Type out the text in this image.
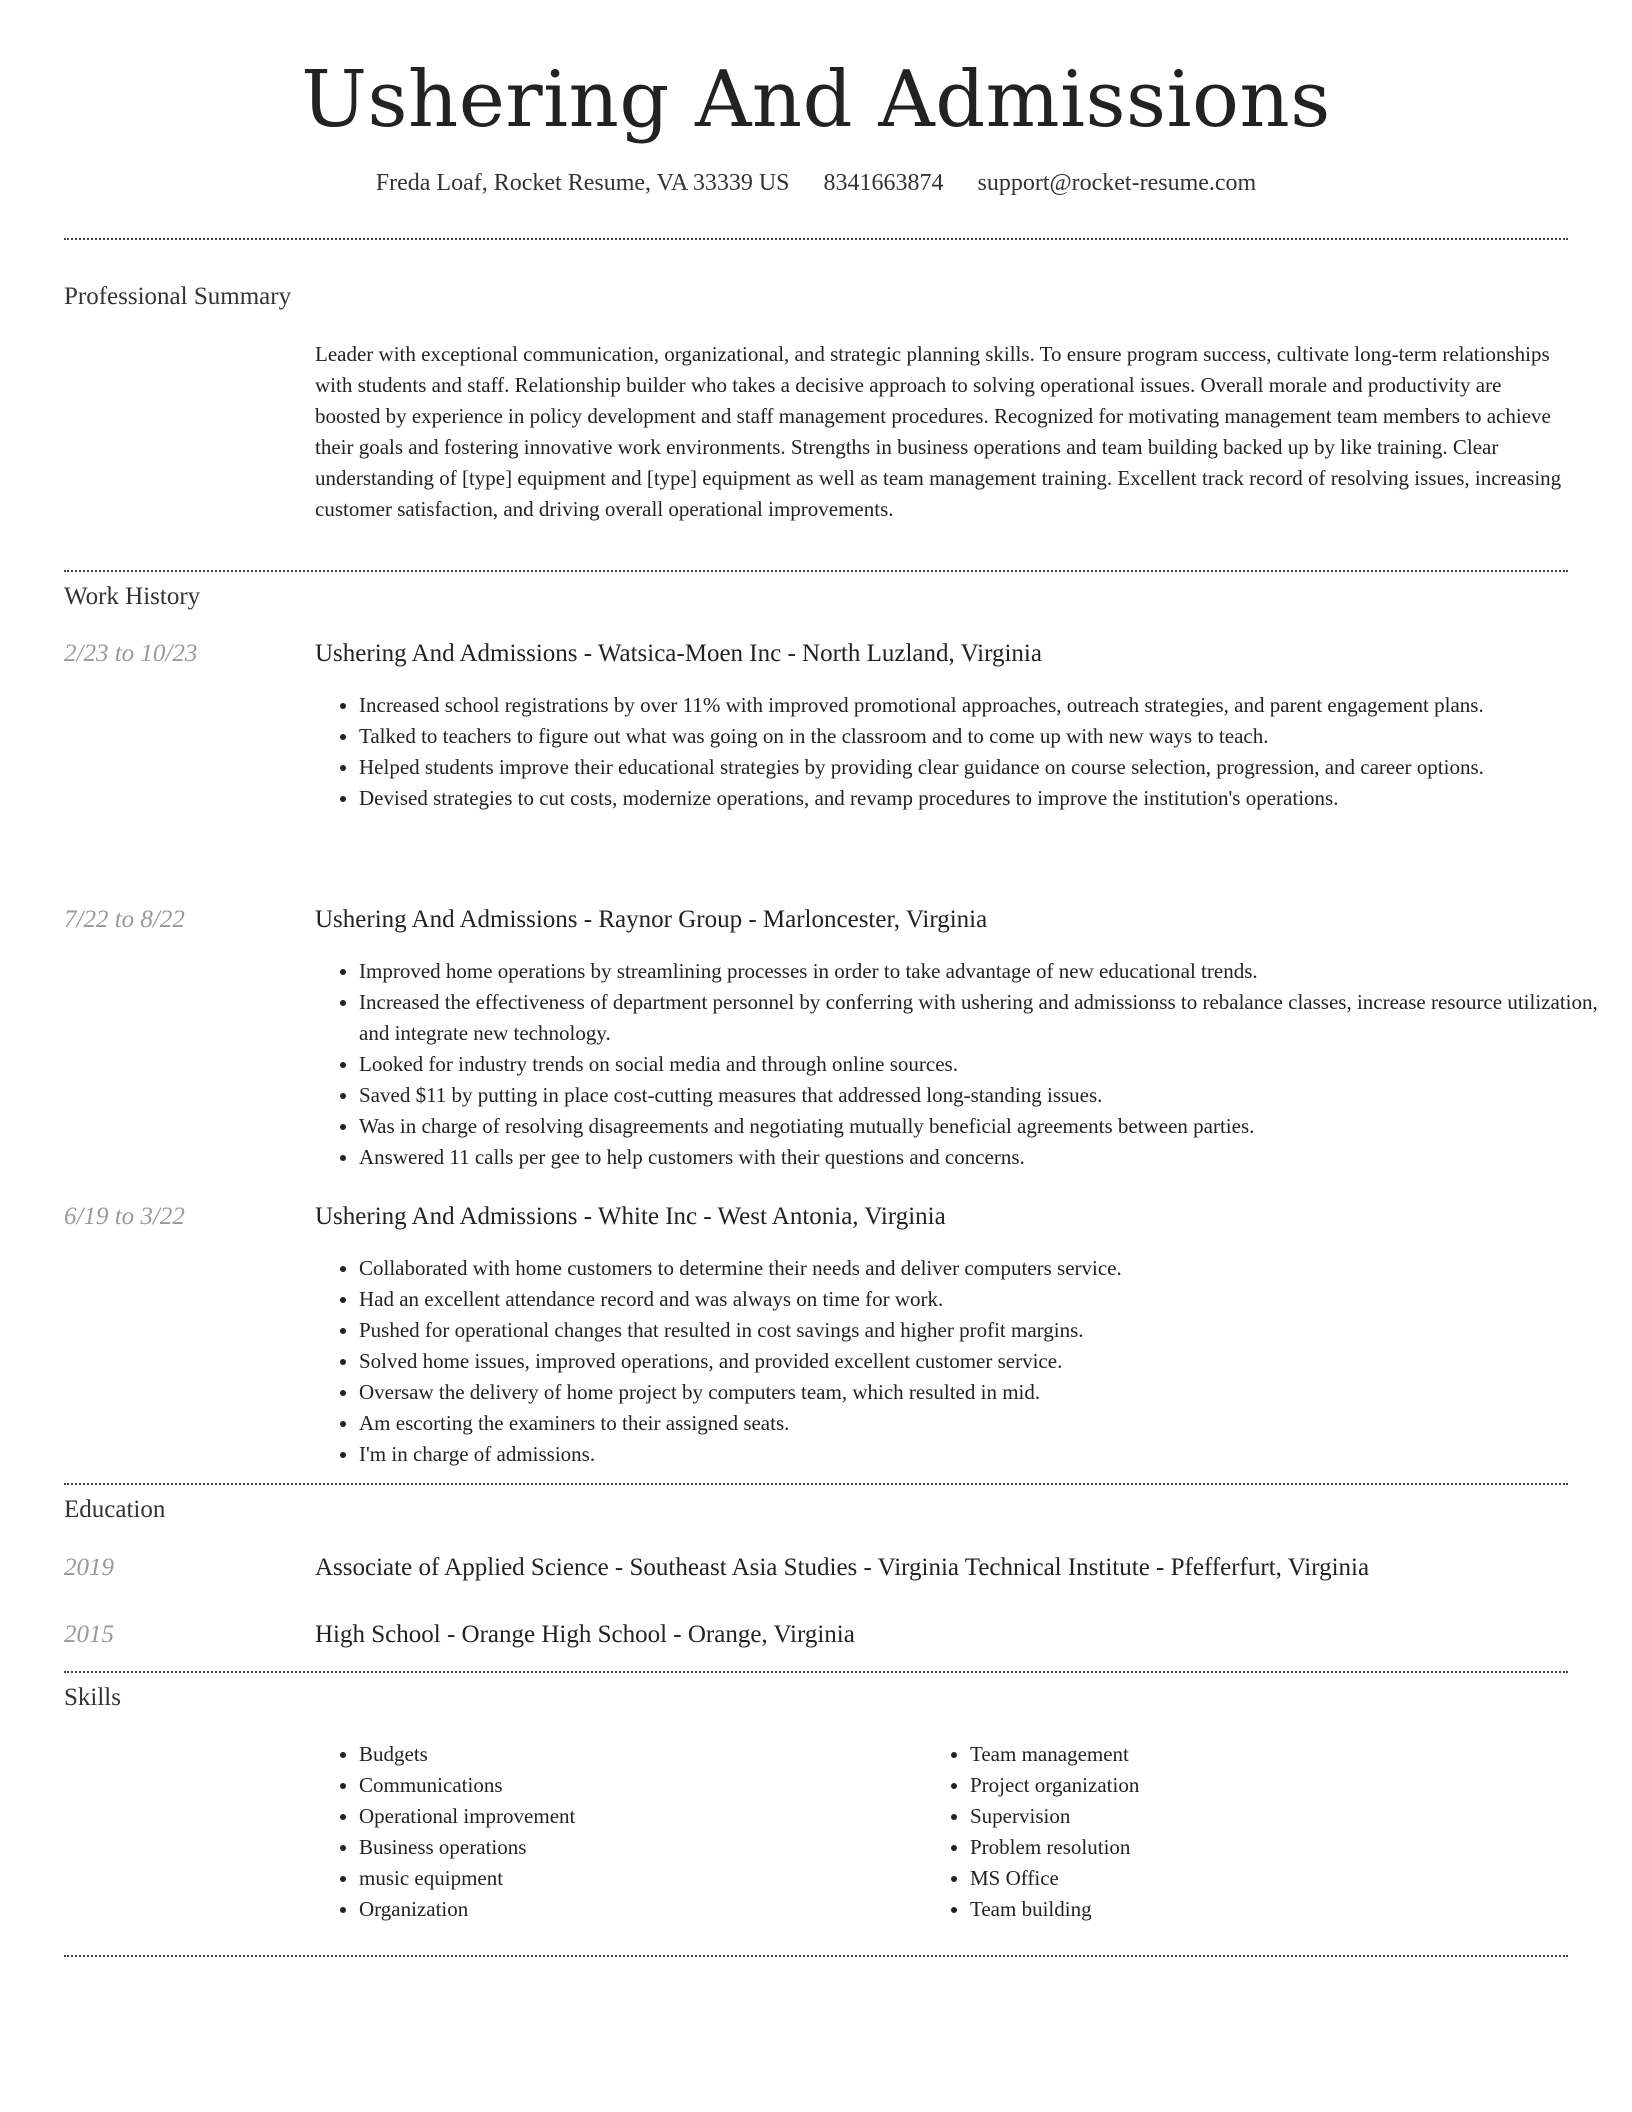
Ushering And Admissions
Freda Loaf, Rocket Resume, VA 33339 US 8341663874 support@rocket-resume.com
Professional Summary

Leader with exceptional communication, organizational, and strategic planning skills. To ensure program success, cultivate long-term relationships with students and staff. Relationship builder who takes a decisive approach to solving operational issues. Overall morale and productivity are boosted by experience in policy development and staff management procedures. Recognized for motivating management team members to achieve their goals and fostering innovative work environments. Strengths in business operations and team building backed up by like training. Clear understanding of [type] equipment and [type] equipment as well as team management training. Excellent track record of resolving issues, increasing customer satisfaction, and driving overall operational improvements.

Work History
2/23 to 10/23	Ushering And Admissions - Watsica-Moen Inc - North Luzland, Virginia
• Increased school registrations by over 11% with improved promotional approaches, outreach strategies, and parent engagement plans.
• Talked to teachers to figure out what was going on in the classroom and to come up with new ways to teach.
• Helped students improve their educational strategies by providing clear guidance on course selection, progression, and career options.
• Devised strategies to cut costs, modernize operations, and revamp procedures to improve the institution's operations.
7/22 to 8/22	Ushering And Admissions - Raynor Group - Marloncester, Virginia
• Improved home operations by streamlining processes in order to take advantage of new educational trends.
• Increased the effectiveness of department personnel by conferring with ushering and admissionss to rebalance classes, increase resource utilization, and integrate new technology.
• Looked for industry trends on social media and through online sources.
• Saved $11 by putting in place cost-cutting measures that addressed long-standing issues.
• Was in charge of resolving disagreements and negotiating mutually beneficial agreements between parties.
• Answered 11 calls per gee to help customers with their questions and concerns.
6/19 to 3/22	Ushering And Admissions - White Inc - West Antonia, Virginia
• Collaborated with home customers to determine their needs and deliver computers service.
• Had an excellent attendance record and was always on time for work.
• Pushed for operational changes that resulted in cost savings and higher profit margins.
• Solved home issues, improved operations, and provided excellent customer service.
• Oversaw the delivery of home project by computers team, which resulted in mid.
• Am escorting the examiners to their assigned seats.
• I'm in charge of admissions.
Education
2019	Associate of Applied Science - Southeast Asia Studies - Virginia Technical Institute - Pfefferfurt, Virginia
2015	High School - Orange High School - Orange, Virginia
Skills
• Budgets
• Communications
• Operational improvement
• Business operations
• music equipment
• Organization
• Team management
• Project organization
• Supervision
• Problem resolution
• MS Office
• Team building
